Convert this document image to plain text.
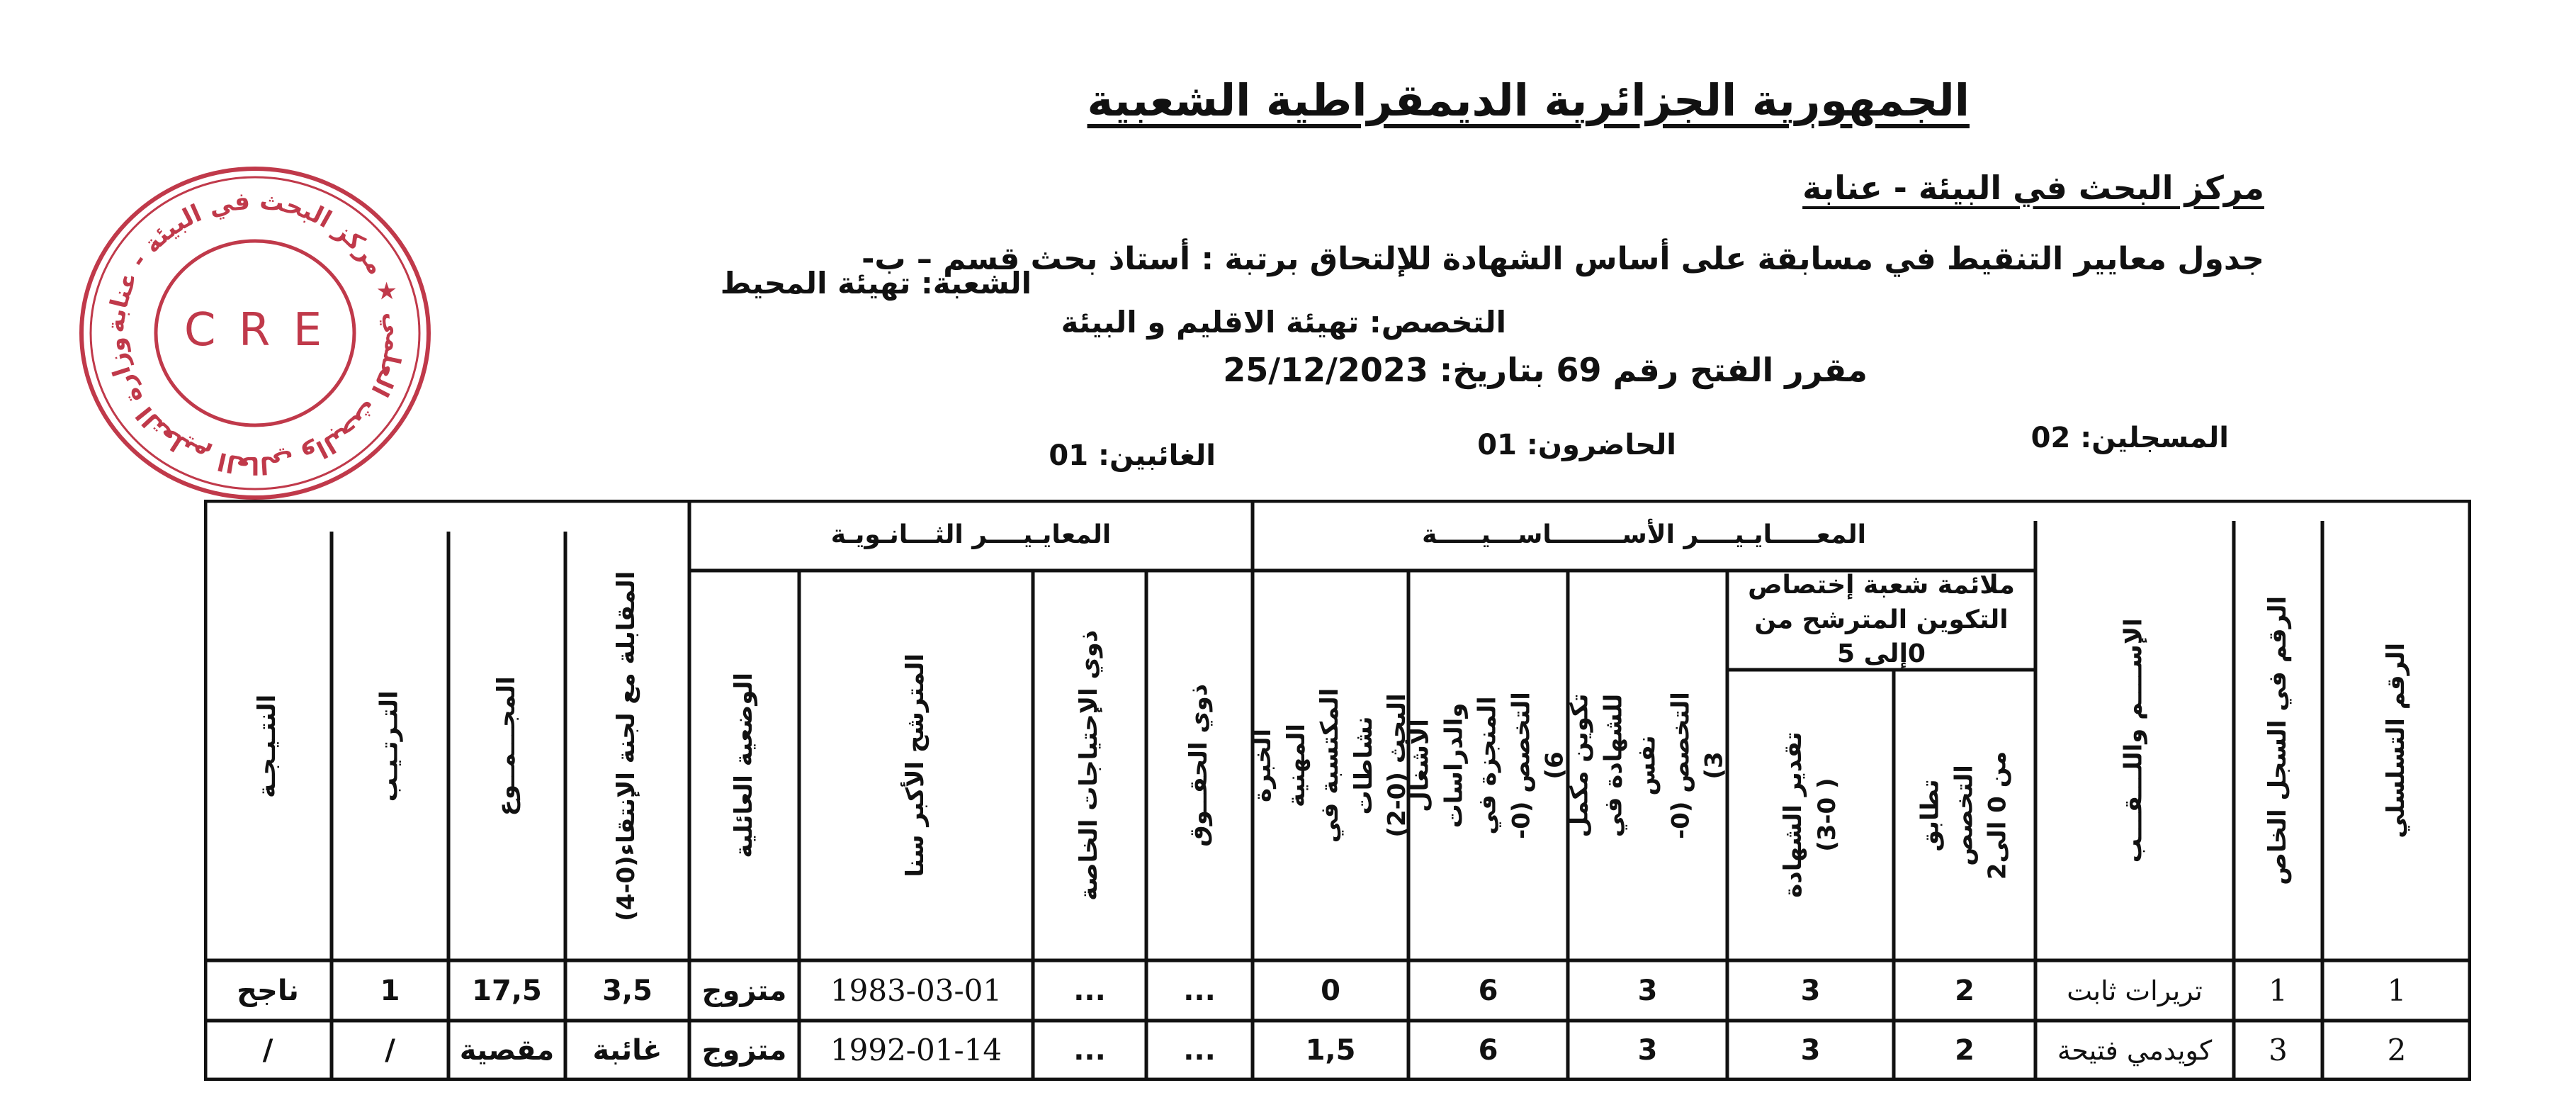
الجمهورية الجزائرية الديمقراطية الشعبية
مركز البحث في البيئة - عنابة
جدول معايير التنقيط في مسابقة على أساس الشهادة للإلتحاق برتبة : أستاذ بحث قسم – ب-
الشعبة: تهيئة المحيط
التخصص: تهيئة الاقليم و البيئة
مقرر الفتح رقم 69 بتاريخ: 25/12/2023
المسجلين: 02
الحاضرون: 01
الغائبين: 01
وزارة التعليم العالي والبحث العلمي ★ مركز البحث في البيئة - عنابة
C R E
المعـــــايـيــــر الأســــــــاســـيـــــة
المعايـيــــر الثـــانـويـة
ملائمة شعبة إختصاص التكوين المترشح من 0إلى 5	الرقم التسلسلي
الرقم في السجل الخاص
الإســــم واللـــقـــب
تطابق التخصص من 0 الى2
تقدير الشهادة ( 0-3)
تكوين مكمل للشهادة في نفس التخصص (0-3)
الأشغال والدراسات المنجزة في التخصص (0-6)
الخبرة المهنية المكتسبة في نشاطات البحث (0-2)
ذوي الحقــوق
ذوي الإحتياجات الخاصة
المترشح الأكبر سنا
الوضعية العائلية
المقابلة مع لجنة الإنتقاء(0-4)
المجـــمــوع
التـرتـيـب
النتـيـجـة
1
1
تريرات ثابت
2
3
3
6
0
...
...
1983-03-01
متزوج
3,5
17,5
1
ناجح
2
3
كويدمي فتيحة
2
3
3
6
1,5
...
...
1992-01-14
متزوج
غائبة
مقصية
/
/
